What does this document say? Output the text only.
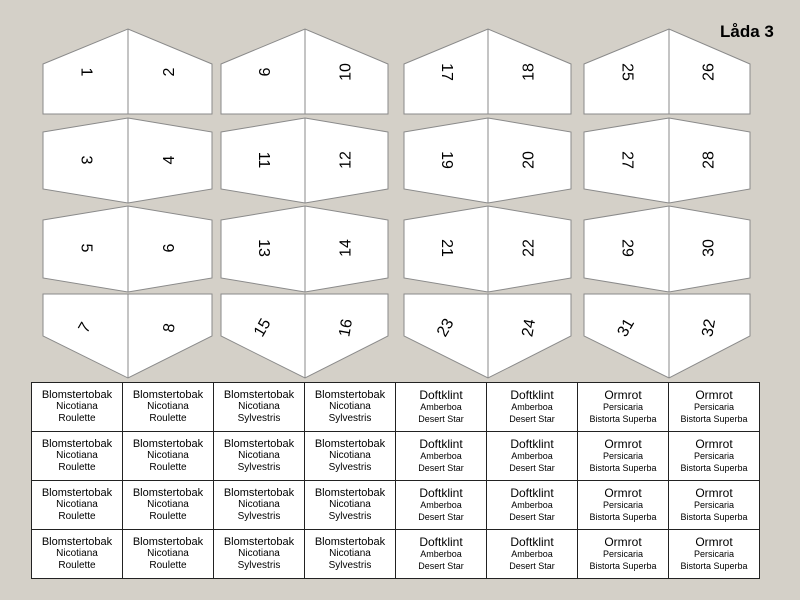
Låda 3
1	2	9	10	17	18	25	26
3	4	11	12	19	20	27	28
5	6	13	14	21	22	29	30
7	8	15	16	23	24	31	32
Blomstertobak
Nicotiana
Roulette	Blomstertobak
Nicotiana
Roulette	Blomstertobak
Nicotiana
Sylvestris	Blomstertobak
Nicotiana
Sylvestris	Doftklint
Amberboa
Desert Star	Doftklint
Amberboa
Desert Star	Ormrot
Persicaria
Bistorta Superba	Ormrot
Persicaria
Bistorta Superba

Blomstertobak
Nicotiana
Roulette	Blomstertobak
Nicotiana
Roulette	Blomstertobak
Nicotiana
Sylvestris	Blomstertobak
Nicotiana
Sylvestris	Doftklint
Amberboa
Desert Star	Doftklint
Amberboa
Desert Star	Ormrot
Persicaria
Bistorta Superba	Ormrot
Persicaria
Bistorta Superba

Blomstertobak
Nicotiana
Roulette	Blomstertobak
Nicotiana
Roulette	Blomstertobak
Nicotiana
Sylvestris	Blomstertobak
Nicotiana
Sylvestris	Doftklint
Amberboa
Desert Star	Doftklint
Amberboa
Desert Star	Ormrot
Persicaria
Bistorta Superba	Ormrot
Persicaria
Bistorta Superba

Blomstertobak
Nicotiana
Roulette	Blomstertobak
Nicotiana
Roulette	Blomstertobak
Nicotiana
Sylvestris	Blomstertobak
Nicotiana
Sylvestris	Doftklint
Amberboa
Desert Star	Doftklint
Amberboa
Desert Star	Ormrot
Persicaria
Bistorta Superba	Ormrot
Persicaria
Bistorta Superba
